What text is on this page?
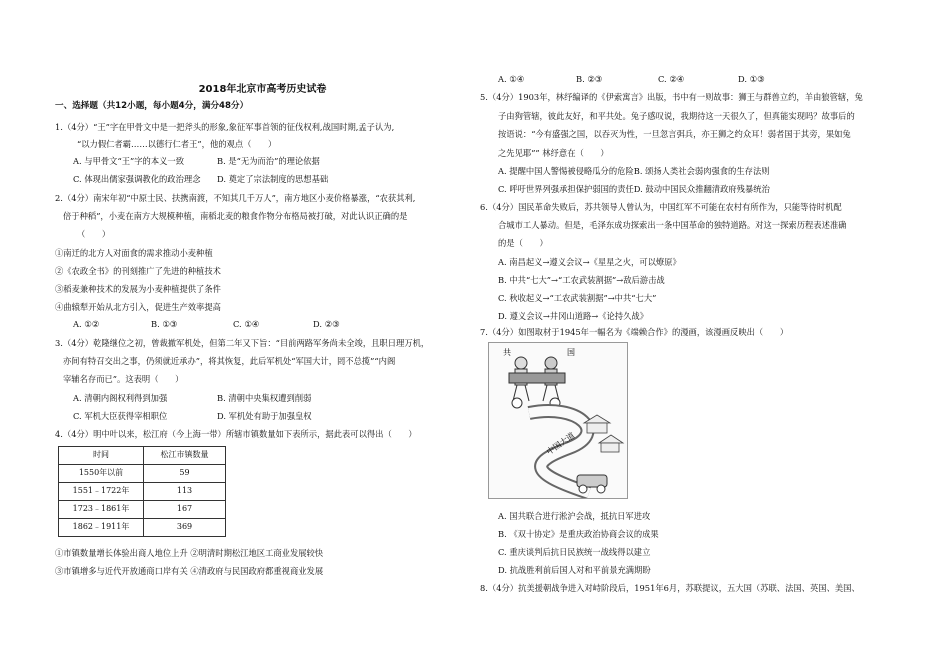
2018年北京市高考历史试卷
一、选择题（共12小题，每小题4分，满分48分）
1.（4分）“王”字在甲骨文中是一把斧头的形象,象征军事首领的征伐权利,战国时期,孟子认为,
“以力假仁者霸……以德行仁者王”，他的观点（　　）
A. 与甲骨文“王”字的本义一致	B. 是“无为而治”的理论依据
C. 体现出儒家强调教化的政治理念 D. 奠定了宗法制度的思想基础
2.（4分）南宋年初“中原士民、扶携南渡，不知其几千万人”，南方地区小麦价格暴涨，“农获其利,
倍于种稻”，小麦在南方大规模种植，南稻北麦的粮食作物分布格局被打破，对此认识正确的是
（　　）
①南迁的北方人对面食的需求推动小麦种植
②《农政全书》的刊刻推广了先进的种植技术
③稻麦兼种技术的发展为小麦种植提供了条件
④曲辕犁开始从北方引入，促进生产效率提高
A. ①②	B. ①③	C. ①④	D. ②③
3.（4分）乾隆继位之初，曾裁撤军机处，但第二年又下旨：“目前两路军务尚未全竣，且职日理万机，
亦间有特召交出之事，仍须就近承办”，将其恢复，此后军机处“军国大计，罔不总揽”“内阁
宰辅名存而已”。这表明（　　）
A. 清朝内阁权利得到加强	B. 清朝中央集权遭到削弱
C. 军机大臣获得宰相职位	D. 军机处有助于加强皇权
4.（4分）明中叶以来，松江府（今上海一带）所辖市镇数量如下表所示，据此表可以得出（　　）
时间	松江市镇数量
1550年以前	59
1551﹣1722年	113
1723﹣1861年	167
1862﹣1911年	369
①市镇数量增长体验出商人地位上升 ②明清时期松江地区工商业发展较快
③市镇增多与近代开放通商口岸有关 ④清政府与民国政府都重视商业发展
A. ①④	B. ②③	C. ②④	D. ①③
5.（4分）1903年，林纾编译的《伊索寓言》出版，书中有一则故事：狮王与群兽立约，羊由狼管辖，兔
子由狗管辖，彼此友好，和平共处。兔子感叹说，我期待这一天很久了，但真能实现吗？故事后的
按语说：“今有盛强之国，以吞灭为性，一旦忽言弭兵，亦王狮之约众耳！弱者国于其旁，果如兔
之先见耶”” 林纾意在（　　）
A. 提醒中国人警惕被侵略瓜分的危险B. 颂扬人类社会弱肉强食的生存法则
C. 呼吁世界列强承担保护弱国的责任D. 鼓动中国民众推翻清政府残暴统治
6.（4分）国民革命失败后，苏共领导人曾认为，中国红军不可能在农村有所作为，只能等待时机配
合城市工人暴动。但是，毛泽东成功探索出一条中国革命的独特道路。对这一探索历程表述准确
的是（　　）
A. 南昌起义→遵义会议→《星星之火，可以燎原》
B. 中共“七大”→“工农武装割据”→敌后游击战
C. 秋收起义→“工农武装割据”→中共“七大”
D. 遵义会议→井冈山道路→《论持久战》
7.（4分）如图取材于1945年一幅名为《端赖合作》的漫画，该漫画反映出（　　）
共	国
中国大道
A. 国共联合进行淞沪会战，抵抗日军进攻
B. 《双十协定》是重庆政治协商会议的成果
C. 重庆谈判后抗日民族统一战线得以建立
D. 抗战胜利前后国人对和平前景充满期盼
8.（4分）抗美援朝战争进入对峙阶段后，1951年6月，苏联提议，五大国（苏联、法国、英国、美国、
